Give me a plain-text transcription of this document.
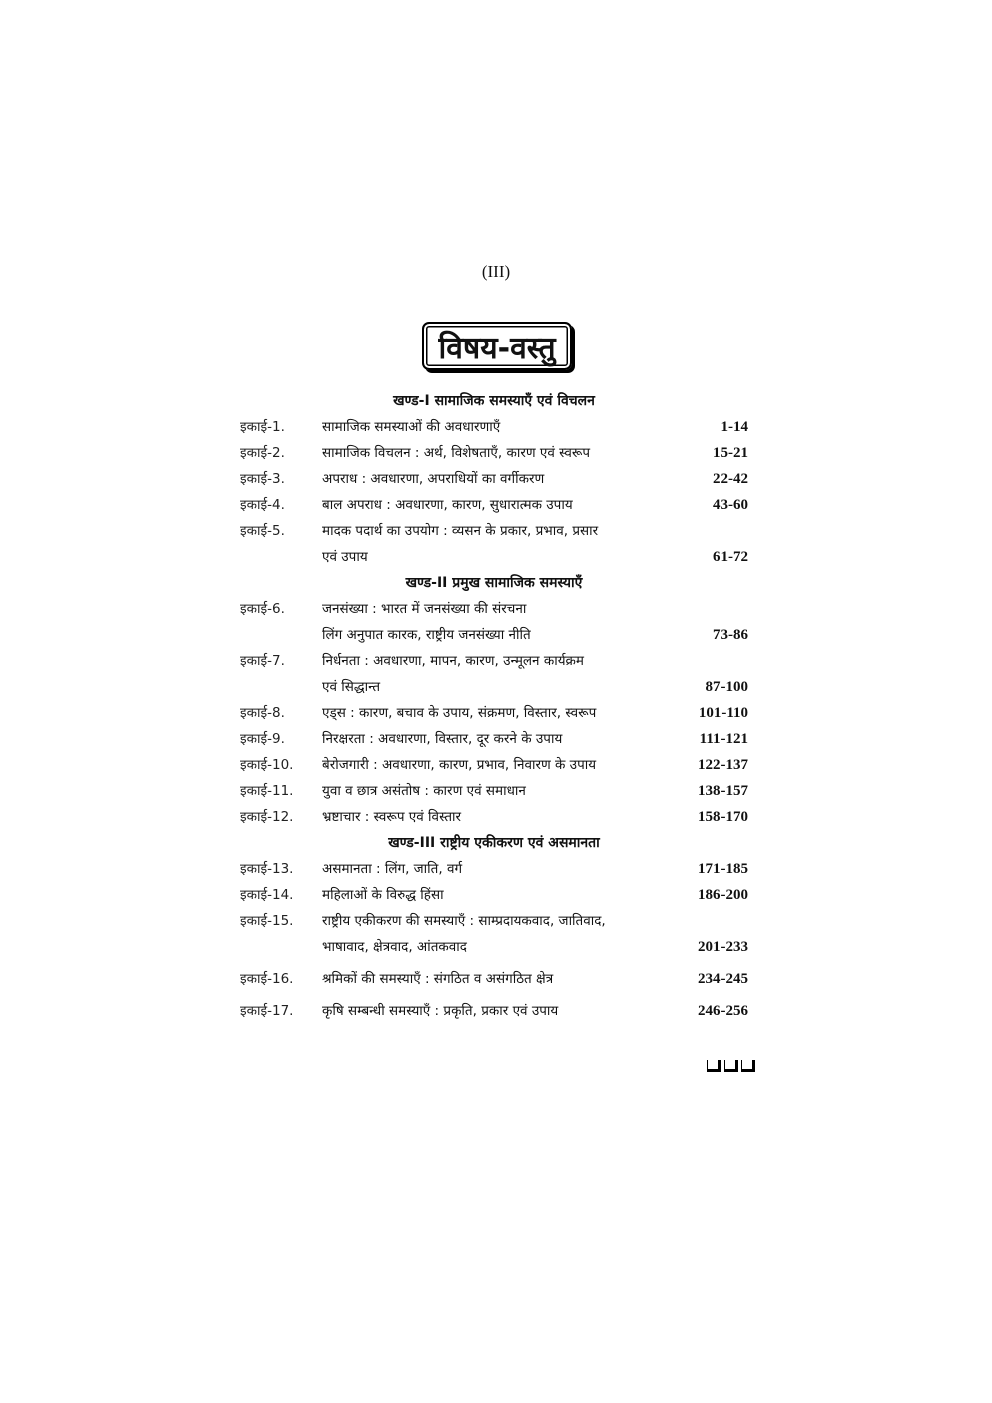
(III)
विषय-वस्तु
खण्ड-I सामाजिक समस्याएँ एवं विचलन
इकाई-1.	सामाजिक समस्याओं की अवधारणाएँ	1-14
इकाई-2.	सामाजिक विचलन : अर्थ, विशेषताएँ, कारण एवं स्वरूप	15-21
इकाई-3.	अपराध : अवधारणा, अपराधियों का वर्गीकरण	22-42
इकाई-4.	बाल अपराध : अवधारणा, कारण, सुधारात्मक उपाय	43-60
इकाई-5.	मादक पदार्थ का उपयोग : व्यसन के प्रकार, प्रभाव, प्रसार
एवं उपाय	61-72
खण्ड-II प्रमुख सामाजिक समस्याएँ
इकाई-6.	जनसंख्या : भारत में जनसंख्या की संरचना
लिंग अनुपात कारक, राष्ट्रीय जनसंख्या नीति	73-86
इकाई-7.	निर्धनता : अवधारणा, मापन, कारण, उन्मूलन कार्यक्रम
एवं सिद्धान्त	87-100
इकाई-8.	एड्स : कारण, बचाव के उपाय, संक्रमण, विस्तार, स्वरूप	101-110
इकाई-9.	निरक्षरता : अवधारणा, विस्तार, दूर करने के उपाय	111-121
इकाई-10. बेरोजगारी : अवधारणा, कारण, प्रभाव, निवारण के उपाय	122-137
इकाई-11. युवा व छात्र असंतोष : कारण एवं समाधान	138-157
इकाई-12. भ्रष्टाचार : स्वरूप एवं विस्तार	158-170
खण्ड-III राष्ट्रीय एकीकरण एवं असमानता
इकाई-13. असमानता : लिंग, जाति, वर्ग	171-185
इकाई-14. महिलाओं के विरुद्ध हिंसा	186-200
इकाई-15. राष्ट्रीय एकीकरण की समस्याएँ : साम्प्रदायकवाद, जातिवाद,
भाषावाद, क्षेत्रवाद, आंतकवाद	201-233
इकाई-16. श्रमिकों की समस्याएँ : संगठित व असंगठित क्षेत्र	234-245
इकाई-17. कृषि सम्बन्धी समस्याएँ : प्रकृति, प्रकार एवं उपाय	246-256
